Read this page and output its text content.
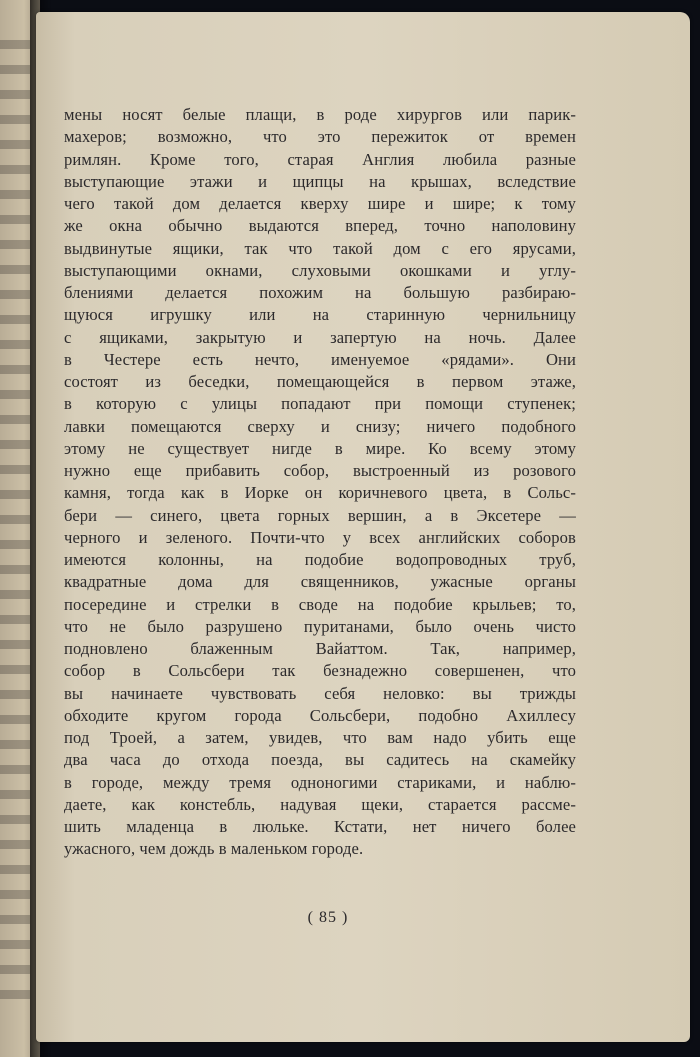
мены носят белые плащи, в роде хирургов или парик-
махеров; возможно, что это пережиток от времен
римлян. Кроме того, старая Англия любила разные
выступающие этажи и щипцы на крышах, вследствие
чего такой дом делается кверху шире и шире; к тому
же окна обычно выдаются вперед, точно наполовину
выдвинутые ящики, так что такой дом с его ярусами,
выступающими окнами, слуховыми окошками и углу-
блениями делается похожим на большую разбираю-
щуюся игрушку или на старинную чернильницу
с ящиками, закрытую и запертую на ночь. Далее
в Честере есть нечто, именуемое «рядами». Они
состоят из беседки, помещающейся в первом этаже,
в которую с улицы попадают при помощи ступенек;
лавки помещаются сверху и снизу; ничего подобного
этому не существует нигде в мире. Ко всему этому
нужно еще прибавить собор, выстроенный из розового
камня, тогда как в Иорке он коричневого цвета, в Сольс-
бери — синего, цвета горных вершин, а в Эксетере —
черного и зеленого. Почти-что у всех английских соборов
имеются колонны, на подобие водопроводных труб,
квадратные дома для священников, ужасные органы
посередине и стрелки в своде на подобие крыльев; то,
что не было разрушено пуританами, было очень чисто
подновлено блаженным Вайаттом. Так, например,
собор в Сольсбери так безнадежно совершенен, что
вы начинаете чувствовать себя неловко: вы трижды
обходите кругом города Сольсбери, подобно Ахиллесу
под Троей, а затем, увидев, что вам надо убить еще
два часа до отхода поезда, вы садитесь на скамейку
в городе, между тремя одноногими стариками, и наблю-
даете, как констебль, надувая щеки, старается рассме-
шить младенца в люльке. Кстати, нет ничего более
ужасного, чем дождь в маленьком городе.
( 85 )
